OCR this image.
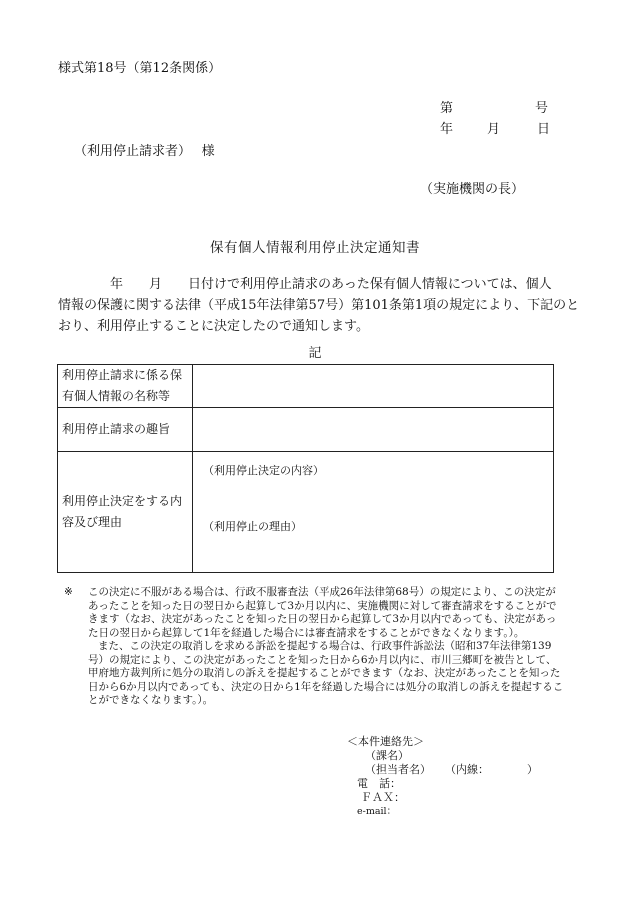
様式第18号（第12条関係）
第	号
年	月	日
（利用停止請求者）　 様
（実施機関の長）
保有個人情報利用停止決定通知書
年　　月　　日付けで利用停止請求のあった保有個人情報については、個人
情報の保護に関する法律（平成15年法律第57号）第101条第1項の規定により、下記のと
おり、利用停止することに決定したので通知します。
記
利用停止請求に係る保
有個人情報の名称等	
利用停止請求の趣旨	
利用停止決定をする内
容及び理由	（利用停止決定の内容）
（利用停止の理由）
※	この決定に不服がある場合は、行政不服審査法（平成26年法律第68号）の規定により、この決定があったことを知った日の翌日から起算して3か月以内に、実施機関に対して審査請求をすることができます（なお、決定があったことを知った日の翌日から起算して3か月以内であっても、決定があった日の翌日から起算して1年を経過した場合には審査請求をすることができなくなります。）。

また、この決定の取消しを求める訴訟を提起する場合は、行政事件訴訟法（昭和37年法律第139号）の規定により、この決定があったことを知った日から6か月以内に、市川三郷町を被告として、甲府地方裁判所に処分の取消しの訴えを提起することができます（なお、決定があったことを知った日から6か月以内であっても、決定の日から1年を経過した場合には処分の取消しの訴えを提起することができなくなります。）。

＜本件連絡先＞
（課名）
（担当者名） （内線：	）
電　話：
ＦＡＸ：
e-mail：
